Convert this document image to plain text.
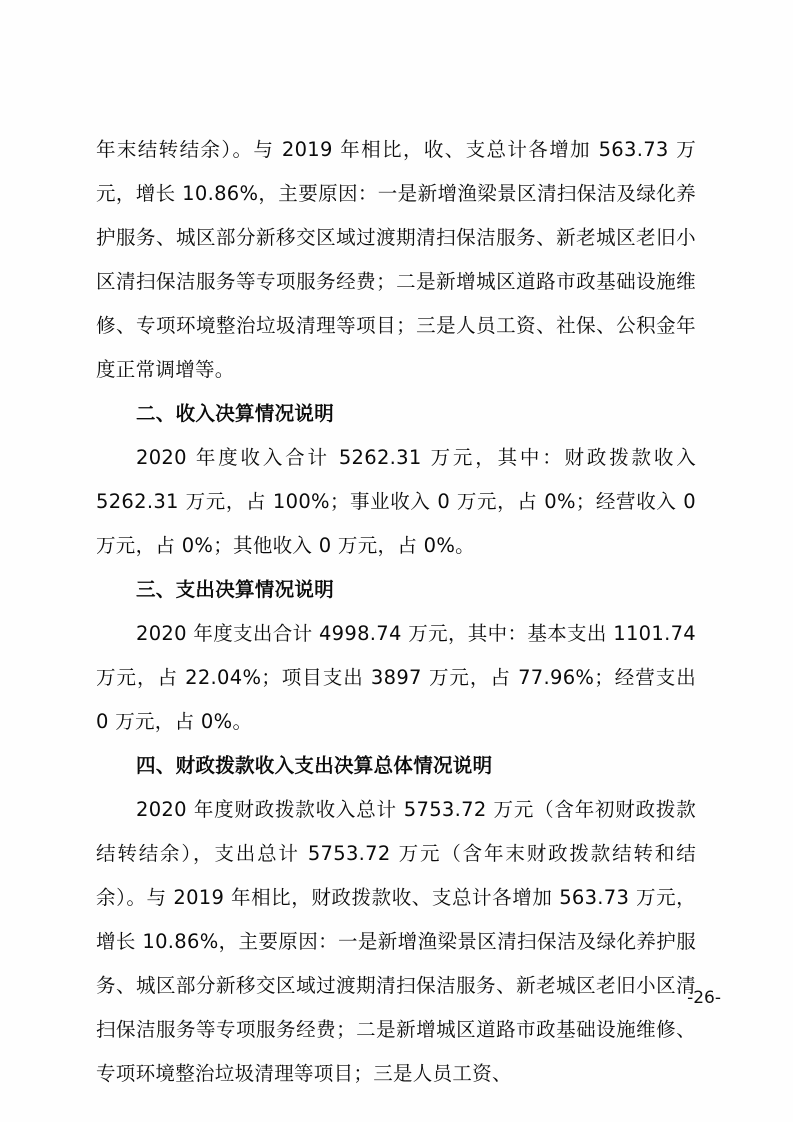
年末结转结余）。与 2019 年相比，收、支总计各增加 563.73 万元，增长 10.86%，主要原因：一是新增渔梁景区清扫保洁及绿化养护服务、城区部分新移交区域过渡期清扫保洁服务、新老城区老旧小区清扫保洁服务等专项服务经费；二是新增城区道路市政基础设施维修、专项环境整治垃圾清理等项目；三是人员工资、社保、公积金年度正常调增等。

二、收入决算情况说明

2020 年度收入合计 5262.31 万元，其中：财政拨款收入 5262.31 万元，占 100%；事业收入 0 万元，占 0%；经营收入 0 万元，占 0%；其他收入 0 万元，占 0%。

三、支出决算情况说明

2020 年度支出合计 4998.74 万元，其中：基本支出 1101.74 万元，占 22.04%；项目支出 3897 万元，占 77.96%；经营支出 0 万元，占 0%。

四、财政拨款收入支出决算总体情况说明

2020 年度财政拨款收入总计 5753.72 万元（含年初财政拨款结转结余），支出总计 5753.72 万元（含年末财政拨款结转和结余）。与 2019 年相比，财政拨款收、支总计各增加 563.73 万元，增长 10.86%，主要原因：一是新增渔梁景区清扫保洁及绿化养护服务、城区部分新移交区域过渡期清扫保洁服务、新老城区老旧小区清扫保洁服务等专项服务经费；二是新增城区道路市政基础设施维修、专项环境整治垃圾清理等项目；三是人员工资、

-26-
